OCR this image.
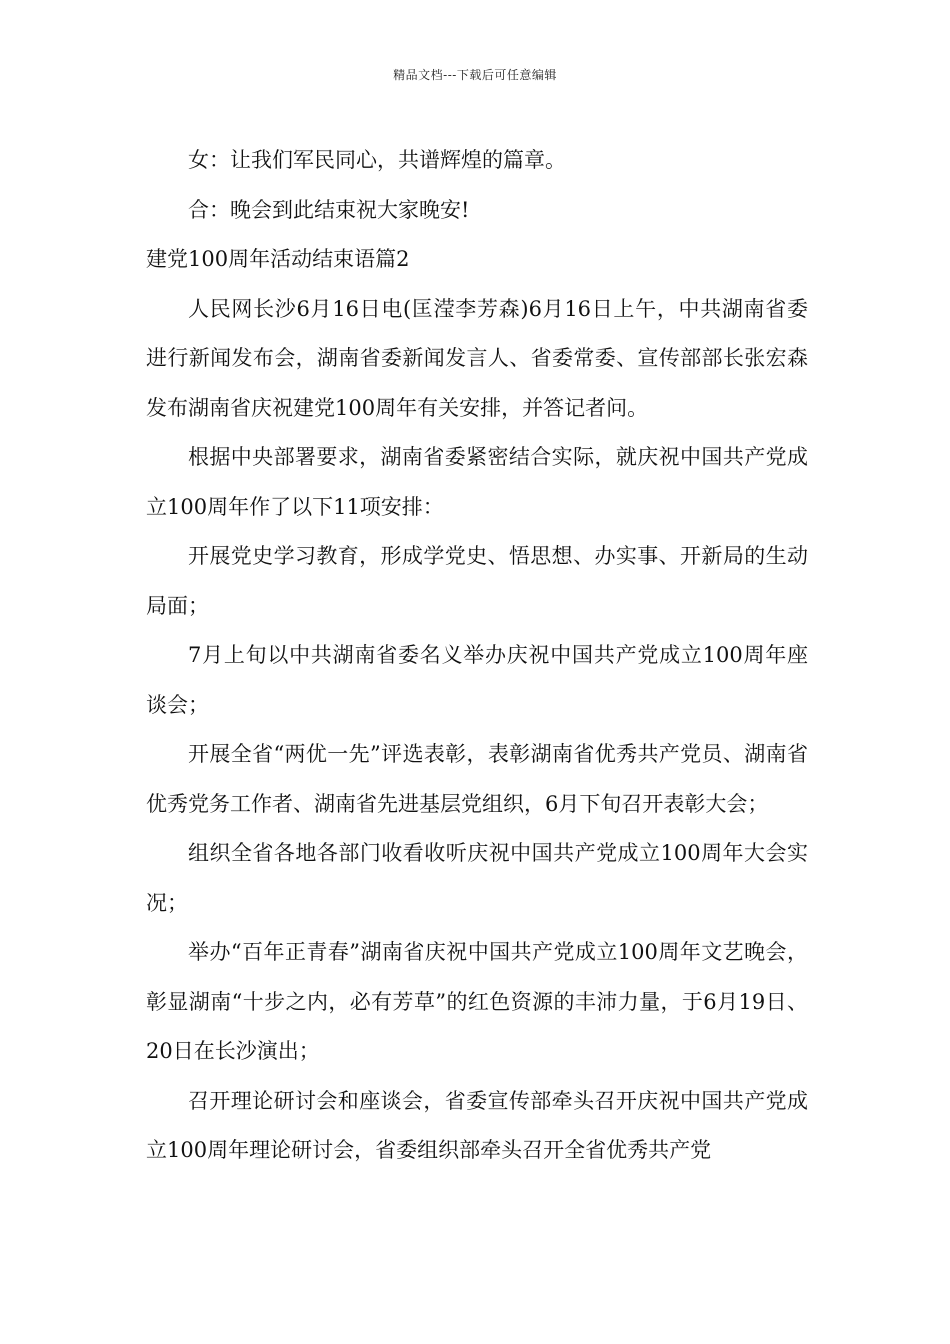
精品文档---下载后可任意编辑

女：让我们军民同心，共谱辉煌的篇章。

合：晚会到此结束祝大家晚安!

建党100周年活动结束语篇2

人民网长沙6月16日电(匡滢李芳森)6月16日上午，中共湖南省委进行新闻发布会，湖南省委新闻发言人、省委常委、宣传部部长张宏森发布湖南省庆祝建党100周年有关安排，并答记者问。

根据中央部署要求，湖南省委紧密结合实际，就庆祝中国共产党成立100周年作了以下11项安排：

开展党史学习教育，形成学党史、悟思想、办实事、开新局的生动局面；

7月上旬以中共湖南省委名义举办庆祝中国共产党成立100周年座谈会；

开展全省“两优一先”评选表彰，表彰湖南省优秀共产党员、湖南省优秀党务工作者、湖南省先进基层党组织，6月下旬召开表彰大会；

组织全省各地各部门收看收听庆祝中国共产党成立100周年大会实况；

举办“百年正青春”湖南省庆祝中国共产党成立100周年文艺晚会，彰显湖南“十步之内，必有芳草”的红色资源的丰沛力量，于6月19日、20日在长沙演出；

召开理论研讨会和座谈会，省委宣传部牵头召开庆祝中国共产党成立100周年理论研讨会，省委组织部牵头召开全省优秀共产党
